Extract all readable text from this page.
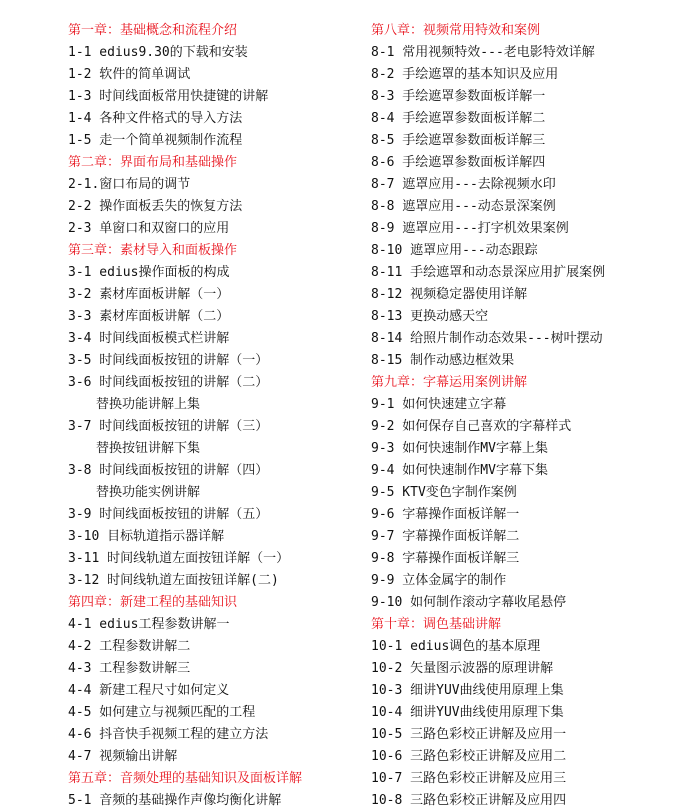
第一章：基础概念和流程介绍
1-1 edius9.30的下载和安装
1-2 软件的简单调试
1-3 时间线面板常用快捷键的讲解
1-4 各种文件格式的导入方法
1-5 走一个简单视频制作流程
第二章：界面布局和基础操作
2-1.窗口布局的调节
2-2 操作面板丢失的恢复方法
2-3 单窗口和双窗口的应用
第三章：素材导入和面板操作
3-1 edius操作面板的构成
3-2 素材库面板讲解（一）
3-3 素材库面板讲解（二）
3-4 时间线面板模式栏讲解
3-5 时间线面板按钮的讲解（一）
3-6 时间线面板按钮的讲解（二）
替换功能讲解上集
3-7 时间线面板按钮的讲解（三）
替换按钮讲解下集
3-8 时间线面板按钮的讲解（四）
替换功能实例讲解
3-9 时间线面板按钮的讲解（五）
3-10 目标轨道指示器详解
3-11 时间线轨道左面按钮详解（一）
3-12 时间线轨道左面按钮详解(二)
第四章：新建工程的基础知识
4-1 edius工程参数讲解一
4-2 工程参数讲解二
4-3 工程参数讲解三
4-4 新建工程尺寸如何定义
4-5 如何建立与视频匹配的工程
4-6 抖音快手视频工程的建立方法
4-7 视频输出讲解
第五章：音频处理的基础知识及面板详解
5-1 音频的基础操作声像均衡化讲解
第八章：视频常用特效和案例
8-1 常用视频特效---老电影特效详解
8-2 手绘遮罩的基本知识及应用
8-3 手绘遮罩参数面板详解一
8-4 手绘遮罩参数面板详解二
8-5 手绘遮罩参数面板详解三
8-6 手绘遮罩参数面板详解四
8-7 遮罩应用---去除视频水印
8-8 遮罩应用---动态景深案例
8-9 遮罩应用---打字机效果案例
8-10 遮罩应用---动态跟踪
8-11 手绘遮罩和动态景深应用扩展案例
8-12 视频稳定器使用详解
8-13 更换动感天空
8-14 给照片制作动态效果---树叶摆动
8-15 制作动感边框效果
第九章：字幕运用案例讲解
9-1 如何快速建立字幕
9-2 如何保存自己喜欢的字幕样式
9-3 如何快速制作MV字幕上集
9-4 如何快速制作MV字幕下集
9-5 KTV变色字制作案例
9-6 字幕操作面板详解一
9-7 字幕操作面板详解二
9-8 字幕操作面板详解三
9-9 立体金属字的制作
9-10 如何制作滚动字幕收尾悬停
第十章：调色基础讲解
10-1 edius调色的基本原理
10-2 矢量图示波器的原理讲解
10-3 细讲YUV曲线使用原理上集
10-4 细讲YUV曲线使用原理下集
10-5 三路色彩校正讲解及应用一
10-6 三路色彩校正讲解及应用二
10-7 三路色彩校正讲解及应用三
10-8 三路色彩校正讲解及应用四
